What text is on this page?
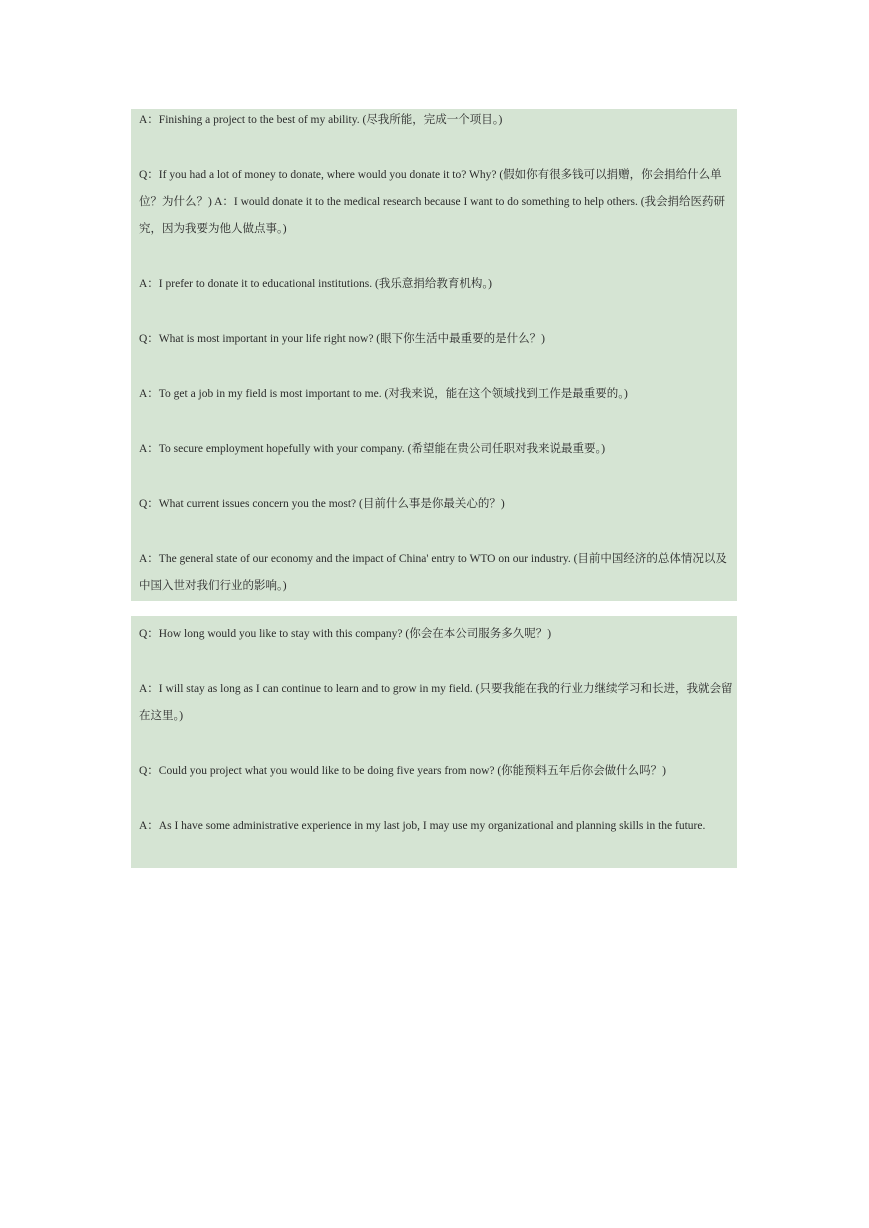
A：Finishing a project to the best of my ability. (尽我所能，完成一个项目。)

Q：If you had a lot of money to donate, where would you donate it to? Why? (假如你有很多钱可以捐赠，你会捐给什么单位？为什么？) A：I would donate it to the medical research because I want to do something to help others. (我会捐给医药研究，因为我要为他人做点事。)

A：I prefer to donate it to educational institutions. (我乐意捐给教育机构。)

Q：What is most important in your life right now? (眼下你生活中最重要的是什么？)

A：To get a job in my field is most important to me. (对我来说，能在这个领域找到工作是最重要的。)

A：To secure employment hopefully with your company. (希望能在贵公司任职对我来说最重要。)

Q：What current issues concern you the most? (目前什么事是你最关心的？)

A：The general state of our economy and the impact of China' entry to WTO on our industry. (目前中国经济的总体情况以及中国入世对我们行业的影响。)

Q：How long would you like to stay with this company? (你会在本公司服务多久呢？)

A：I will stay as long as I can continue to learn and to grow in my field. (只要我能在我的行业力继续学习和长进，我就会留在这里。)

Q：Could you project what you would like to be doing five years from now? (你能预料五年后你会做什么吗？)

A：As I have some administrative experience in my last job, I may use my organizational and planning skills in the future.
